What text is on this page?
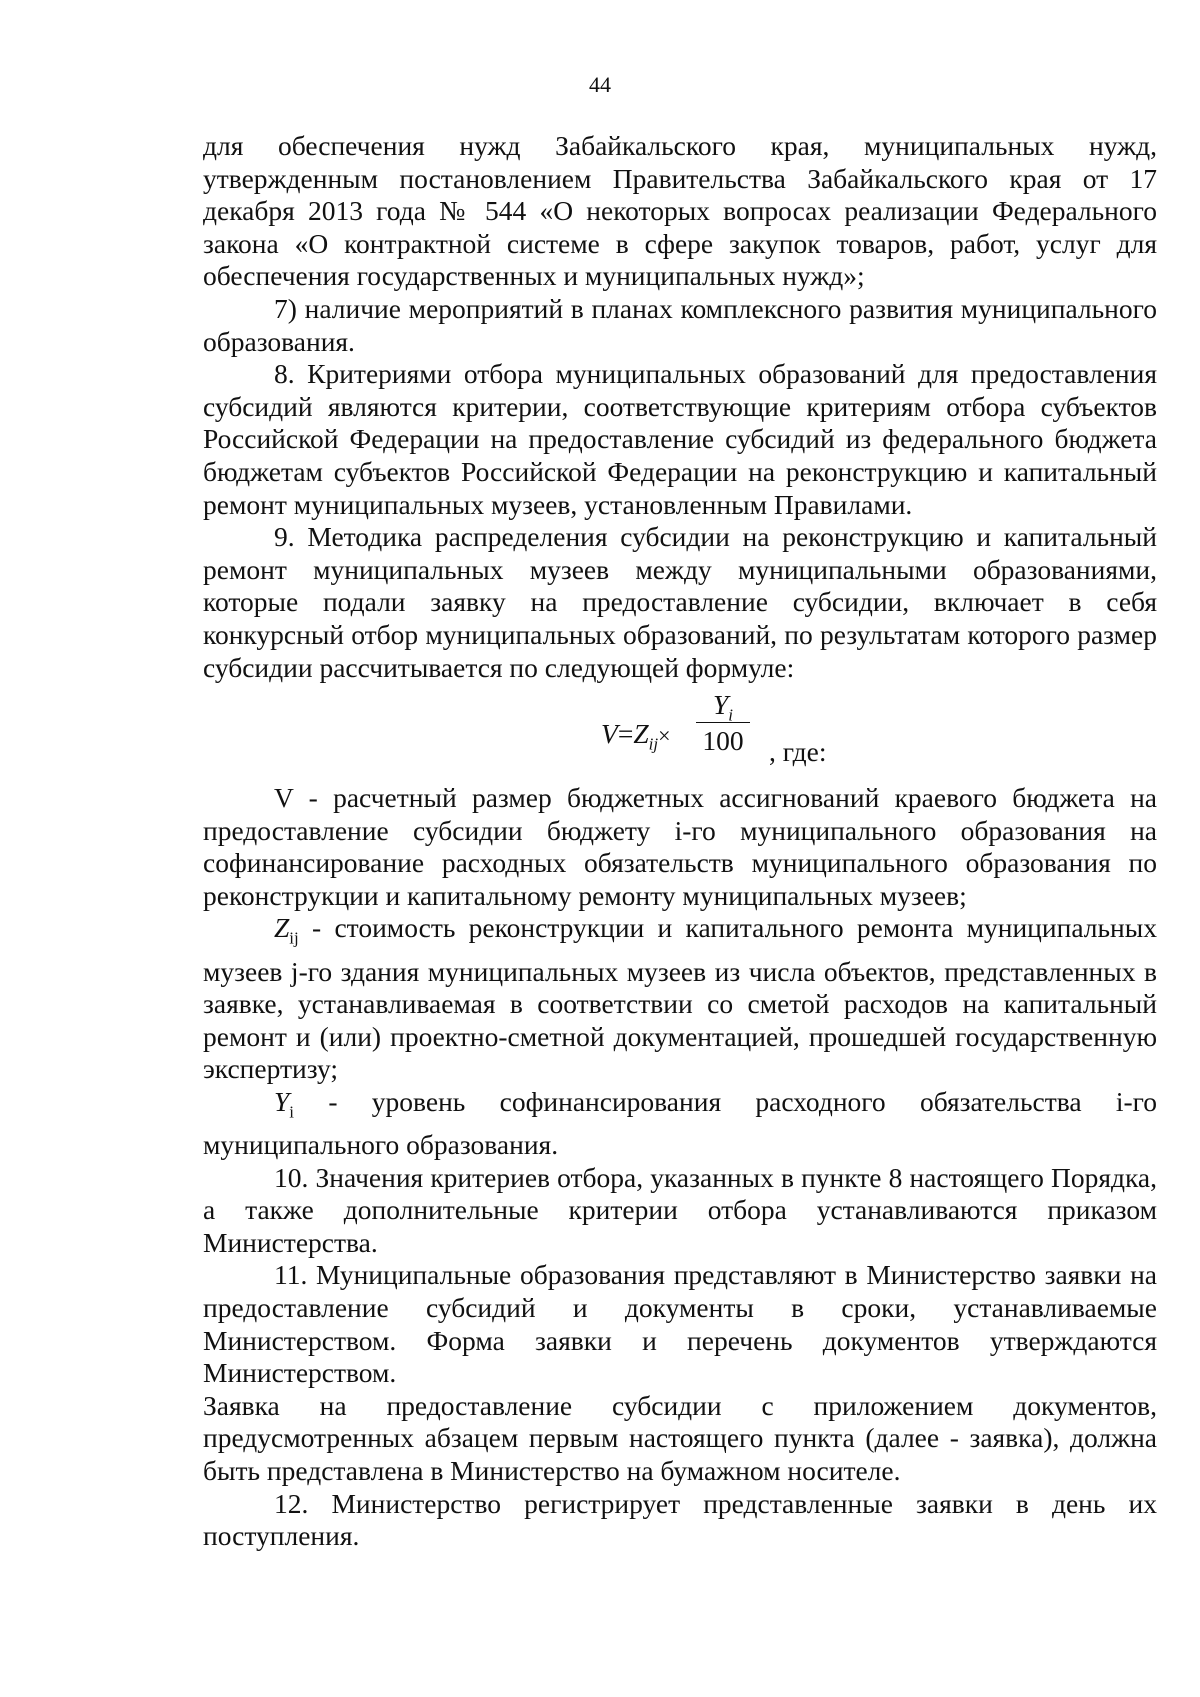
44

для обеспечения нужд Забайкальского края, муниципальных нужд, утвержденным постановлением Правительства Забайкальского края от 17 декабря 2013 года № 544 «О некоторых вопросах реализации Федерального закона «О контрактной системе в сфере закупок товаров, работ, услуг для обеспечения государственных и муниципальных нужд»;

7) наличие мероприятий в планах комплексного развития муниципального образования.

8. Критериями отбора муниципальных образований для предоставления субсидий являются критерии, соответствующие критериям отбора субъектов Российской Федерации на предоставление субсидий из федерального бюджета бюджетам субъектов Российской Федерации на реконструкцию и капитальный ремонт муниципальных музеев, установленным Правилами.

9. Методика распределения субсидии на реконструкцию и капитальный ремонт муниципальных музеев между муниципальными образованиями, которые подали заявку на предоставление субсидии, включает в себя конкурсный отбор муниципальных образований, по результатам которого размер субсидии рассчитывается по следующей формуле:

$V=Z_{ij}\times$
$Y_i$
100 , где:

V - расчетный размер бюджетных ассигнований краевого бюджета на предоставление субсидии бюджету i-го муниципального образования на софинансирование расходных обязательств муниципального образования по реконструкции и капитальному ремонту муниципальных музеев;

$Z_{ij}$ - стоимость реконструкции и капитального ремонта муниципальных музеев j-го здания муниципальных музеев из числа объектов, представленных в заявке, устанавливаемая в соответствии со сметой расходов на капитальный ремонт и (или) проектно-сметной документацией, прошедшей государственную экспертизу;

$Y_i$ - уровень софинансирования расходного обязательства i-го муниципального образования.

10. Значения критериев отбора, указанных в пункте 8 настоящего Порядка, а также дополнительные критерии отбора устанавливаются приказом Министерства.

11. Муниципальные образования представляют в Министерство заявки на предоставление субсидий и документы в сроки, устанавливаемые Министерством. Форма заявки и перечень документов утверждаются Министерством.

Заявка на предоставление субсидии с приложением документов, предусмотренных абзацем первым настоящего пункта (далее - заявка), должна быть представлена в Министерство на бумажном носителе.

12. Министерство регистрирует представленные заявки в день их поступления.
